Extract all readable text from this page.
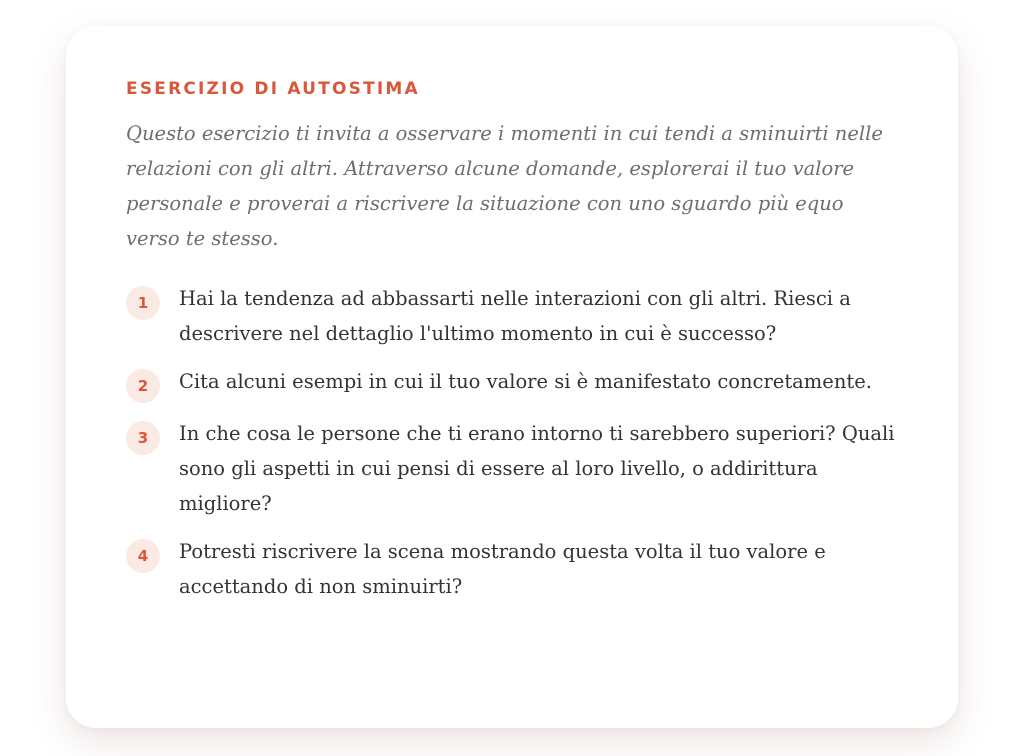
ESERCIZIO DI AUTOSTIMA

Questo esercizio ti invita a osservare i momenti in cui tendi a sminuirti nelle relazioni con gli altri. Attraverso alcune domande, esplorerai il tuo valore personale e proverai a riscrivere la situazione con uno sguardo più equo verso te stesso.

1	Hai la tendenza ad abbassarti nelle interazioni con gli altri. Riesci a descrivere nel dettaglio l'ultimo momento in cui è successo?
2	Cita alcuni esempi in cui il tuo valore si è manifestato concretamente.
3	In che cosa le persone che ti erano intorno ti sarebbero superiori? Quali sono gli aspetti in cui pensi di essere al loro livello, o addirittura migliore?
4	Potresti riscrivere la scena mostrando questa volta il tuo valore e accettando di non sminuirti?
